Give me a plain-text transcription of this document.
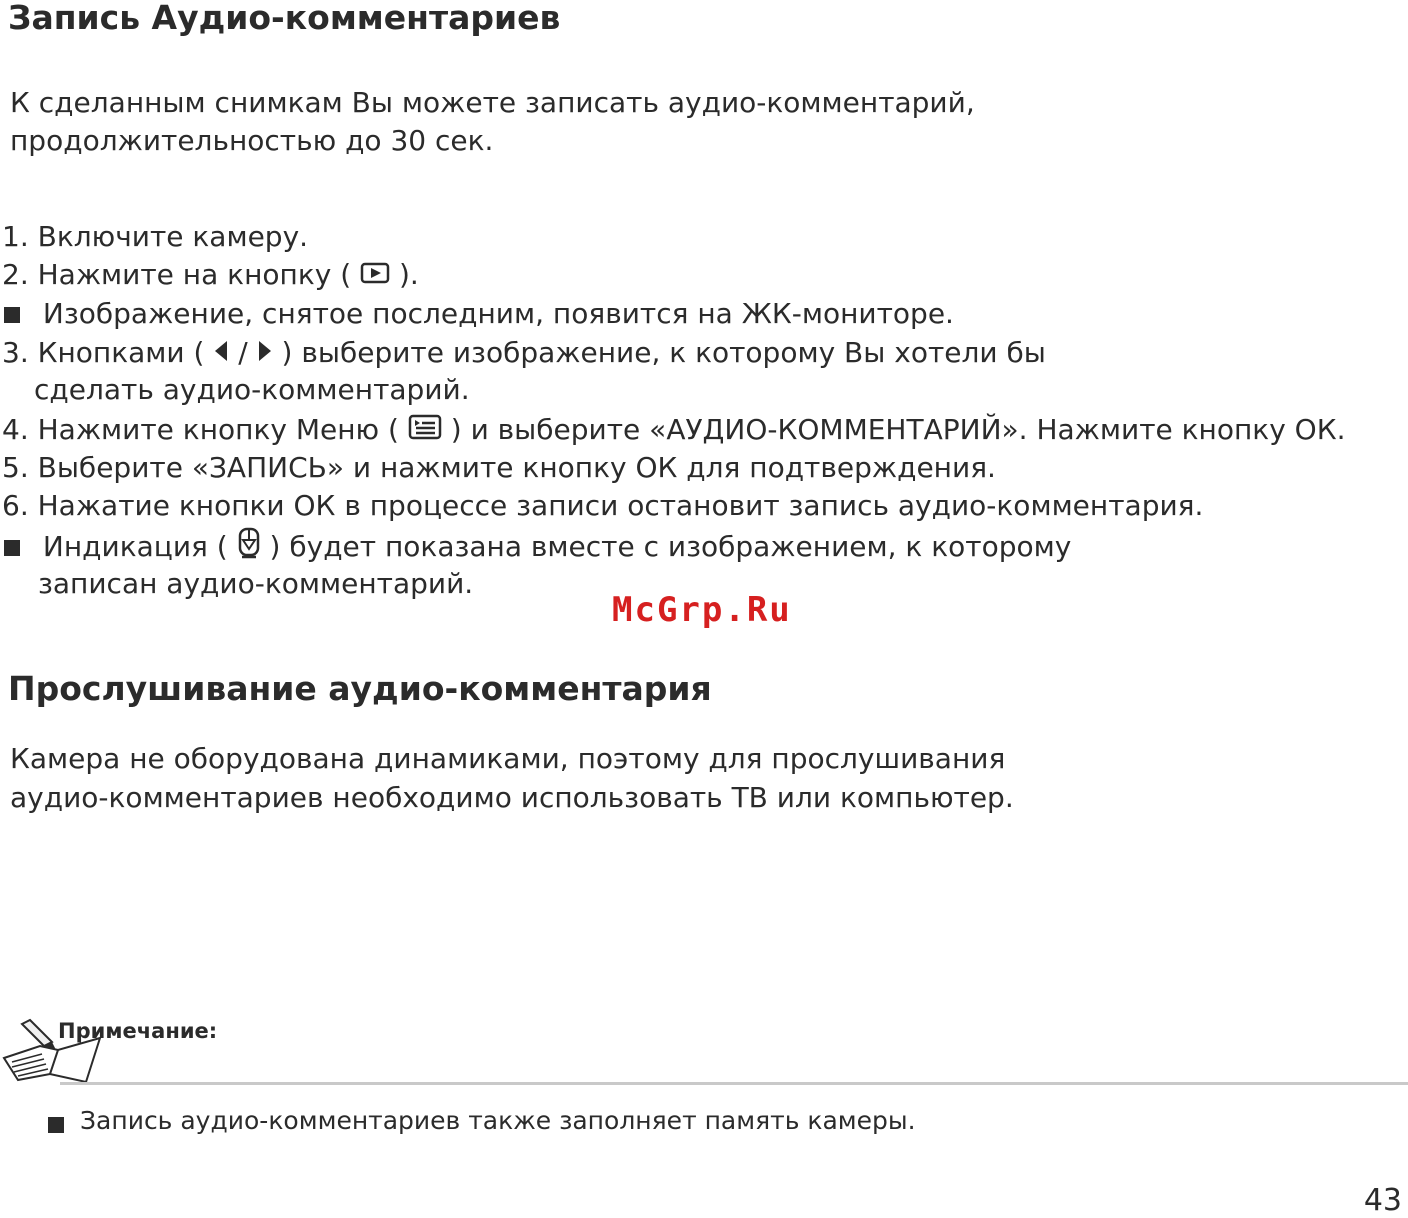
Запись Аудио-комментариев
К сделанным снимкам Вы можете записать аудио-комментарий,
продолжительностью до 30 сек.
1. Включите камеру.
2. Нажмите на кнопку ( ).
Изображение, снятое последним, появится на ЖК-мониторе.
3. Кнопками ( / ) выберите изображение, к которому Вы хотели бы
сделать аудио-комментарий.
4. Нажмите кнопку Меню ( ) и выберите «АУДИО-КОММЕНТАРИЙ». Нажмите кнопку ОК.
5. Выберите «ЗАПИСЬ» и нажмите кнопку ОК для подтверждения.
6. Нажатие кнопки ОК в процессе записи остановит запись аудио-комментария.
Индикация ( ) будет показана вместе с изображением, к которому
записан аудио-комментарий.
McGrp.Ru
Прослушивание аудио-комментария
Камера не оборудована динамиками, поэтому для прослушивания
аудио-комментариев необходимо использовать ТВ или компьютер.
Примечание:
Запись аудио-комментариев также заполняет память камеры.
43
